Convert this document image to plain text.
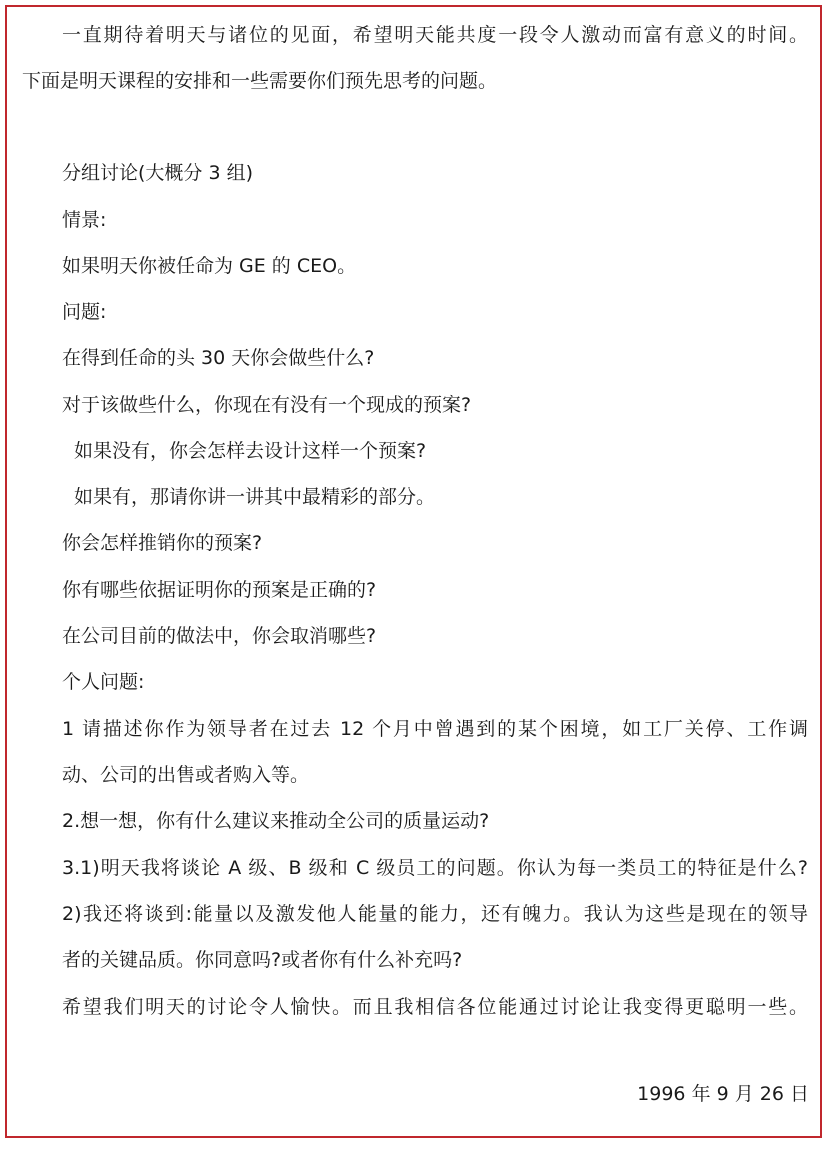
一直期待着明天与诸位的见面，希望明天能共度一段令人激动而富有意义的时间。
下面是明天课程的安排和一些需要你们预先思考的问题。
分组讨论(大概分 3 组)
情景:
如果明天你被任命为 GE 的 CEO。
问题:
在得到任命的头 30 天你会做些什么?
对于该做些什么，你现在有没有一个现成的预案?
如果没有，你会怎样去设计这样一个预案?
如果有，那请你讲一讲其中最精彩的部分。
你会怎样推销你的预案?
你有哪些依据证明你的预案是正确的?
在公司目前的做法中，你会取消哪些?
个人问题:
1 请描述你作为领导者在过去 12 个月中曾遇到的某个困境，如工厂关停、工作调
动、公司的出售或者购入等。
2.想一想，你有什么建议来推动全公司的质量运动?
3.1)明天我将谈论 A 级、B 级和 C 级员工的问题。你认为每一类员工的特征是什么?
2)我还将谈到:能量以及激发他人能量的能力，还有魄力。我认为这些是现在的领导
者的关键品质。你同意吗?或者你有什么补充吗?
希望我们明天的讨论令人愉快。而且我相信各位能通过讨论让我变得更聪明一些。
1996 年 9 月 26 日
